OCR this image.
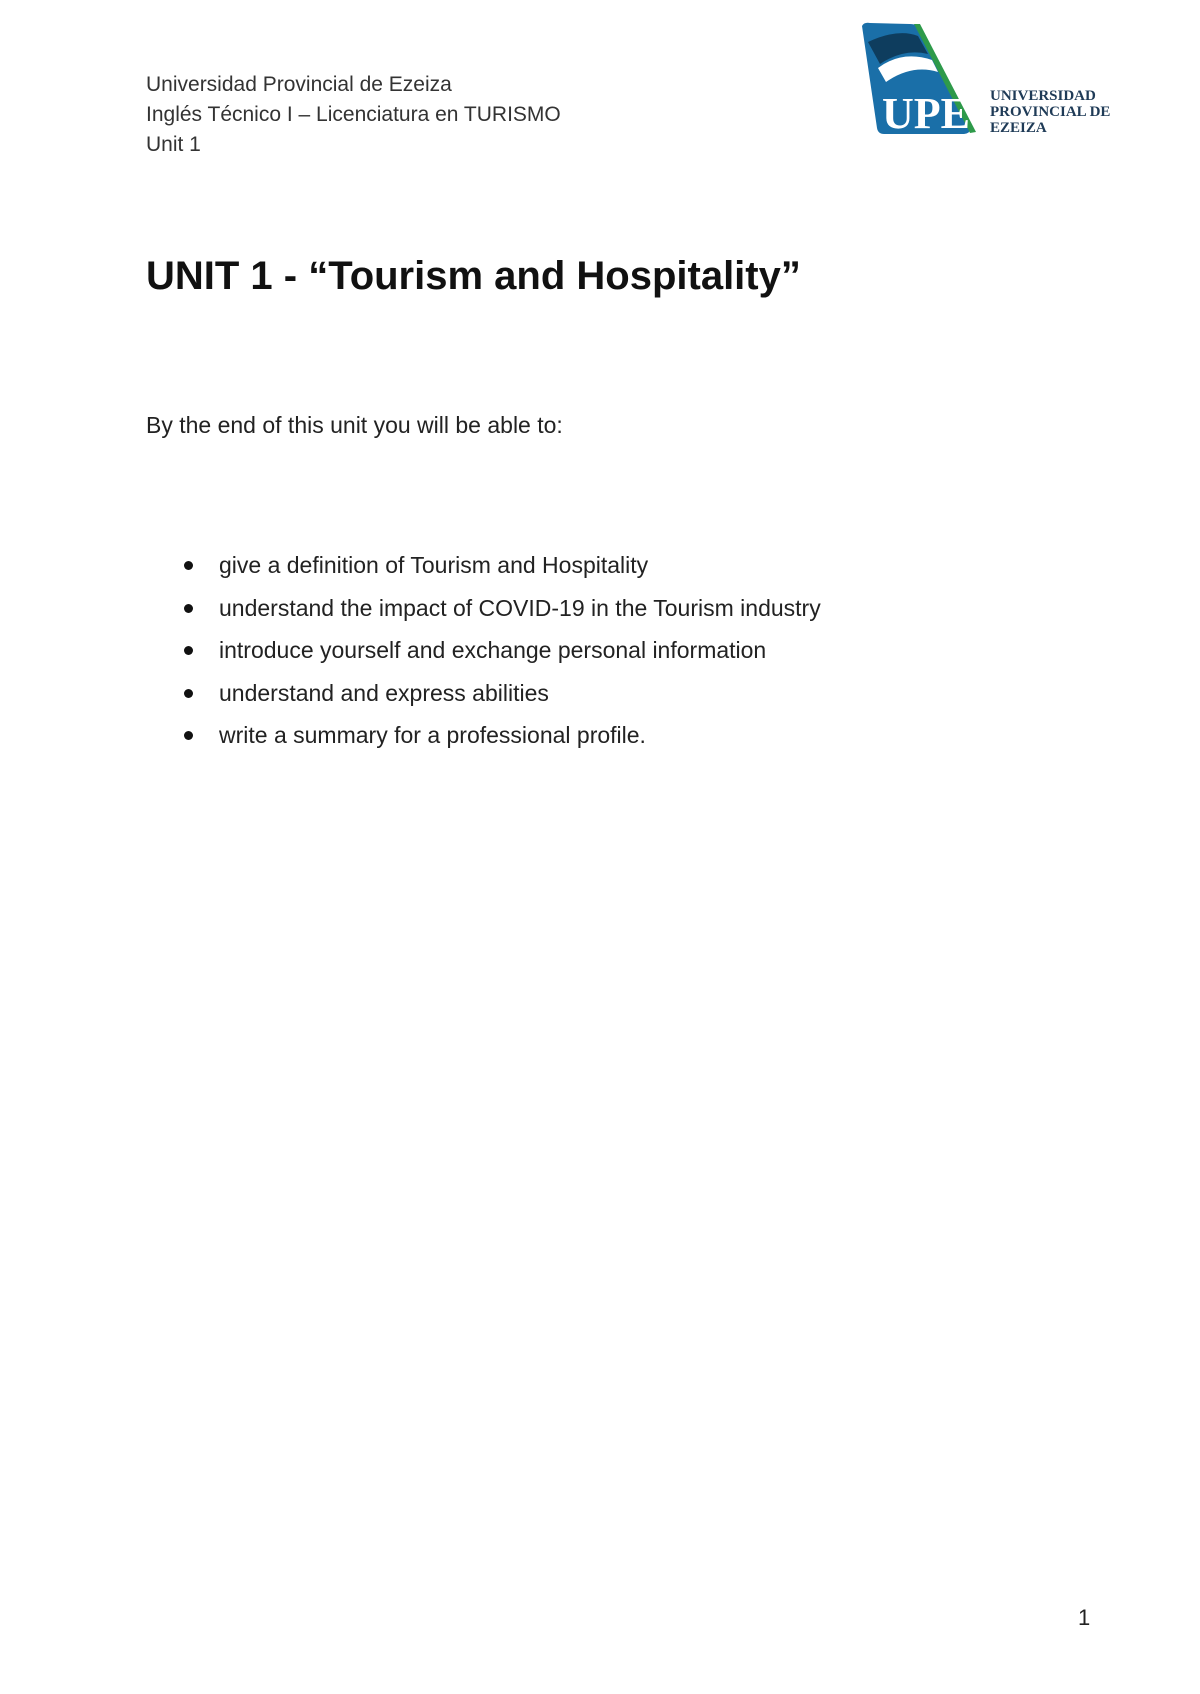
Universidad Provincial de Ezeiza
Inglés Técnico I – Licenciatura en TURISMO
Unit 1
UPE UNIVERSIDAD
PROVINCIAL DE
EZEIZA
UNIT 1 - “Tourism and Hospitality”
By the end of this unit you will be able to:
give a definition of Tourism and Hospitality
understand the impact of COVID-19 in the Tourism industry
introduce yourself and exchange personal information
understand and express abilities
write a summary for a professional profile.
1
